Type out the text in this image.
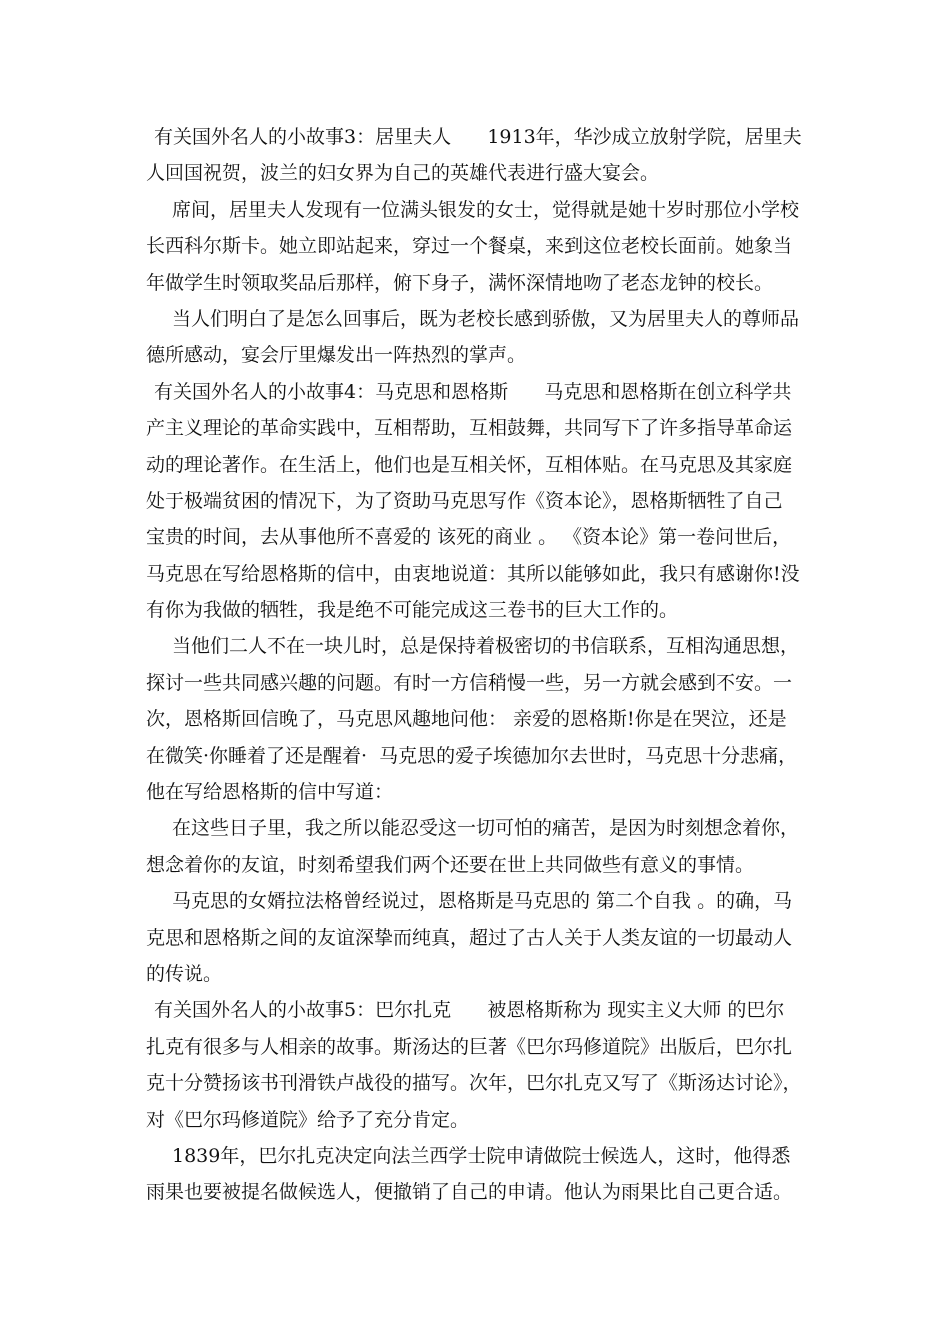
有关国外名人的小故事3：居里夫人      1913年，华沙成立放射学院，居里夫
人回国祝贺，波兰的妇女界为自己的英雄代表进行盛大宴会。
席间，居里夫人发现有一位满头银发的女士，觉得就是她十岁时那位小学校
长西科尔斯卡。她立即站起来，穿过一个餐桌，来到这位老校长面前。她象当
年做学生时领取奖品后那样，俯下身子，满怀深情地吻了老态龙钟的校长。
当人们明白了是怎么回事后，既为老校长感到骄傲，又为居里夫人的尊师品
德所感动，宴会厅里爆发出一阵热烈的掌声。
有关国外名人的小故事4：马克思和恩格斯      马克思和恩格斯在创立科学共
产主义理论的革命实践中，互相帮助，互相鼓舞，共同写下了许多指导革命运
动的理论著作。在生活上，他们也是互相关怀，互相体贴。在马克思及其家庭
处于极端贫困的情况下，为了资助马克思写作《资本论》，恩格斯牺牲了自己
宝贵的时间，去从事他所不喜爱的 该死的商业 。 《资本论》第一卷问世后，
马克思在写给恩格斯的信中，由衷地说道：其所以能够如此，我只有感谢你!没
有你为我做的牺牲，我是绝不可能完成这三卷书的巨大工作的。
当他们二人不在一块儿时，总是保持着极密切的书信联系，互相沟通思想，
探讨一些共同感兴趣的问题。有时一方信稍慢一些，另一方就会感到不安。一
次，恩格斯回信晚了，马克思风趣地问他： 亲爱的恩格斯!你是在哭泣，还是
在微笑·你睡着了还是醒着·  马克思的爱子埃德加尔去世时，马克思十分悲痛，
他在写给恩格斯的信中写道：
在这些日子里，我之所以能忍受这一切可怕的痛苦，是因为时刻想念着你，
想念着你的友谊，时刻希望我们两个还要在世上共同做些有意义的事情。
马克思的女婿拉法格曾经说过，恩格斯是马克思的 第二个自我 。的确，马
克思和恩格斯之间的友谊深挚而纯真，超过了古人关于人类友谊的一切最动人
的传说。
有关国外名人的小故事5：巴尔扎克      被恩格斯称为 现实主义大师 的巴尔
扎克有很多与人相亲的故事。斯汤达的巨著《巴尔玛修道院》出版后，巴尔扎
克十分赞扬该书刊滑铁卢战役的描写。次年，巴尔扎克又写了《斯汤达讨论》，
对《巴尔玛修道院》给予了充分肯定。
1839年，巴尔扎克决定向法兰西学士院申请做院士候选人，这时，他得悉
雨果也要被提名做候选人，便撤销了自己的申请。他认为雨果比自己更合适。
